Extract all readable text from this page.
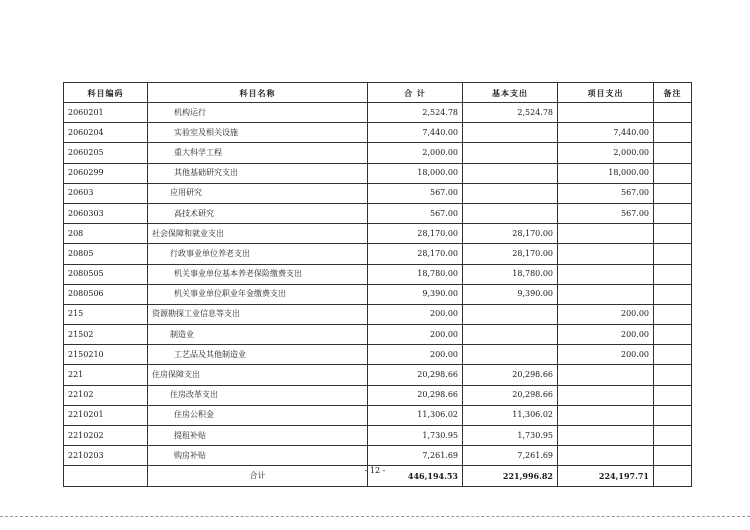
科目编码	科目名称	合 计	基本支出	项目支出	备注
2060201	机构运行	2,524.78	2,524.78		
2060204	实验室及相关设施	7,440.00		7,440.00	
2060205	重大科学工程	2,000.00		2,000.00	
2060299	其他基础研究支出	18,000.00		18,000.00	
20603	应用研究	567.00		567.00	
2060303	高技术研究	567.00		567.00	
208	社会保障和就业支出	28,170.00	28,170.00		
20805	行政事业单位养老支出	28,170.00	28,170.00		
2080505	机关事业单位基本养老保险缴费支出	18,780.00	18,780.00		
2080506	机关事业单位职业年金缴费支出	9,390.00	9,390.00		
215	资源勘探工业信息等支出	200.00		200.00	
21502	制造业	200.00		200.00	
2150210	工艺品及其他制造业	200.00		200.00	
221	住房保障支出	20,298.66	20,298.66		
22102	住房改革支出	20,298.66	20,298.66		
2210201	住房公积金	11,306.02	11,306.02		
2210202	提租补贴	1,730.95	1,730.95		
2210203	购房补贴	7,261.69	7,261.69		
	合计	446,194.53	221,996.82	224,197.71	
- 12 -
